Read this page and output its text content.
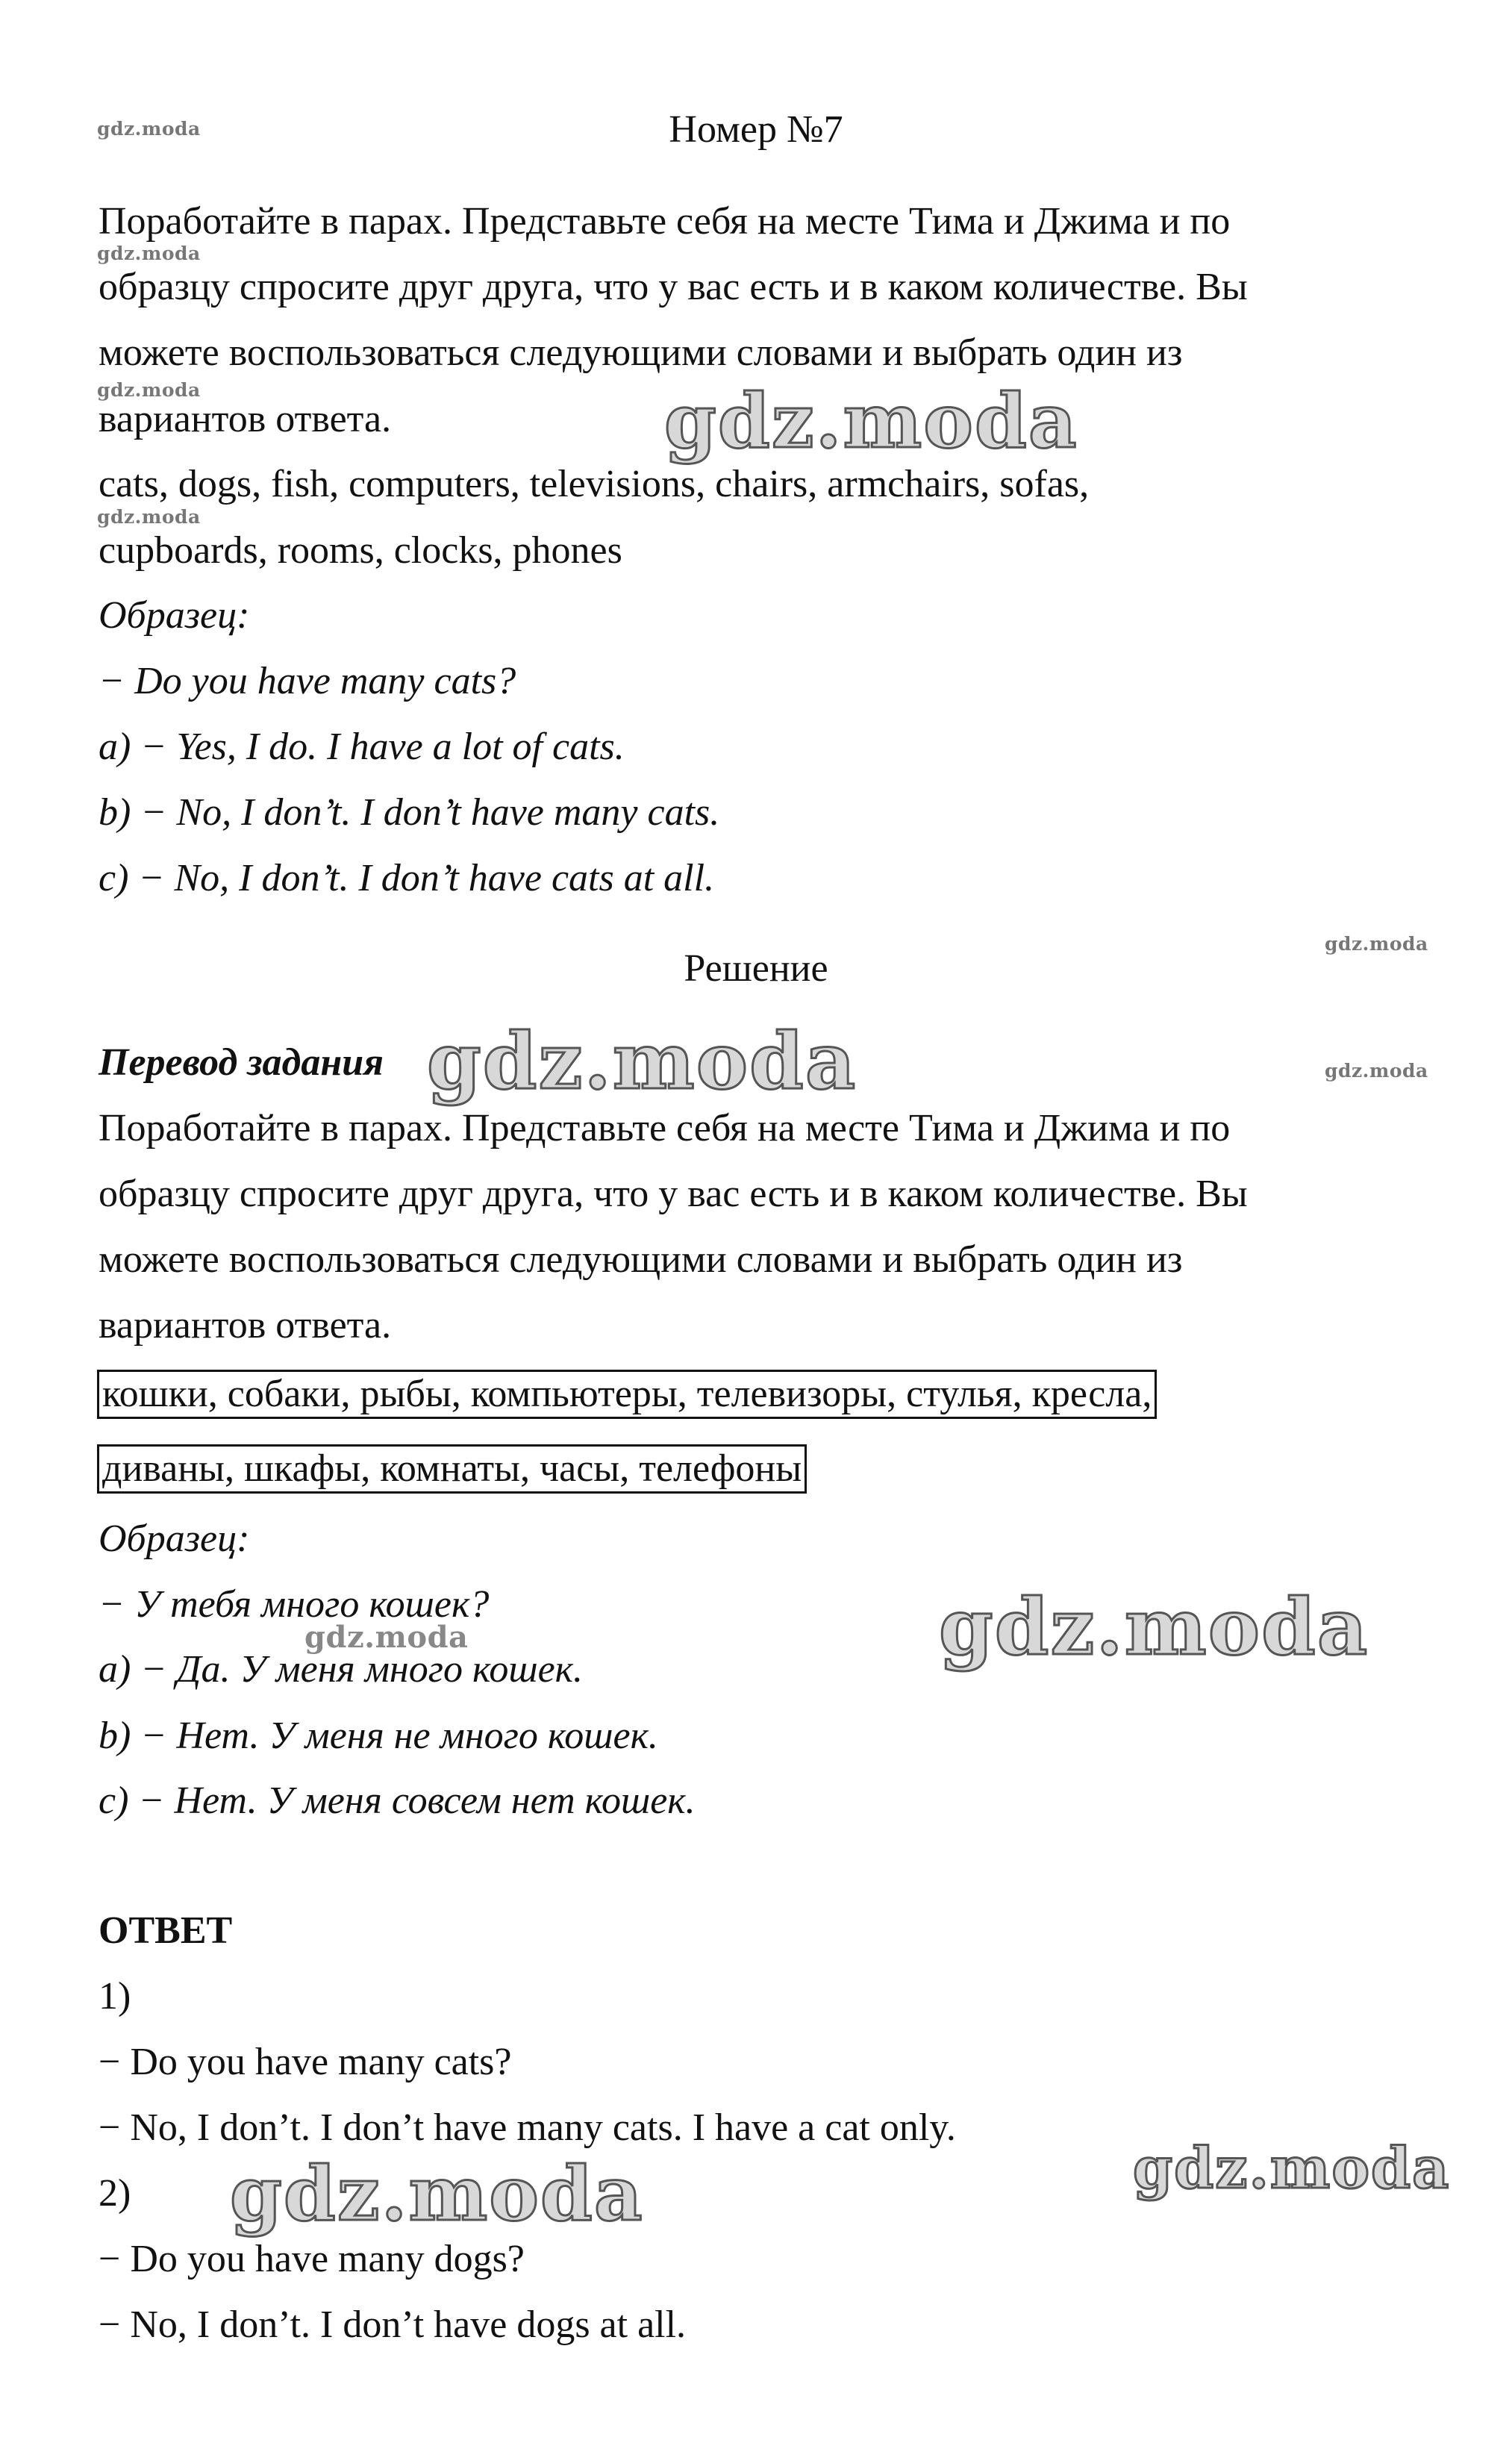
gdz.moda
gdz.moda
gdz.moda
gdz.moda
gdz.moda
gdz.moda
gdz.moda
gdz.moda
gdz.moda
gdz.moda
gdz.moda
gdz.moda
Номер №7
Поработайте в парах. Представьте себя на месте Тима и Джима и по
образцу спросите друг друга, что у вас есть и в каком количестве. Вы
можете воспользоваться следующими словами и выбрать один из
вариантов ответа.
cats, dogs, fish, computers, televisions, chairs, armchairs, sofas,
cupboards, rooms, clocks, phones
Образец:
− Do you have many cats?
a) − Yes, I do. I have a lot of cats.
b) − No, I don’t. I don’t have many cats.
c) − No, I don’t. I don’t have cats at all.
Решение
Перевод задания
Поработайте в парах. Представьте себя на месте Тима и Джима и по
образцу спросите друг друга, что у вас есть и в каком количестве. Вы
можете воспользоваться следующими словами и выбрать один из
вариантов ответа.
кошки, собаки, рыбы, компьютеры, телевизоры, стулья, кресла,
диваны, шкафы, комнаты, часы, телефоны
Образец:
− У тебя много кошек?
a) − Да. У меня много кошек.
b) − Нет. У меня не много кошек.
c) − Нет. У меня совсем нет кошек.
ОТВЕТ
1)
− Do you have many cats?
− No, I don’t. I don’t have many cats. I have a cat only.
2)
− Do you have many dogs?
− No, I don’t. I don’t have dogs at all.
